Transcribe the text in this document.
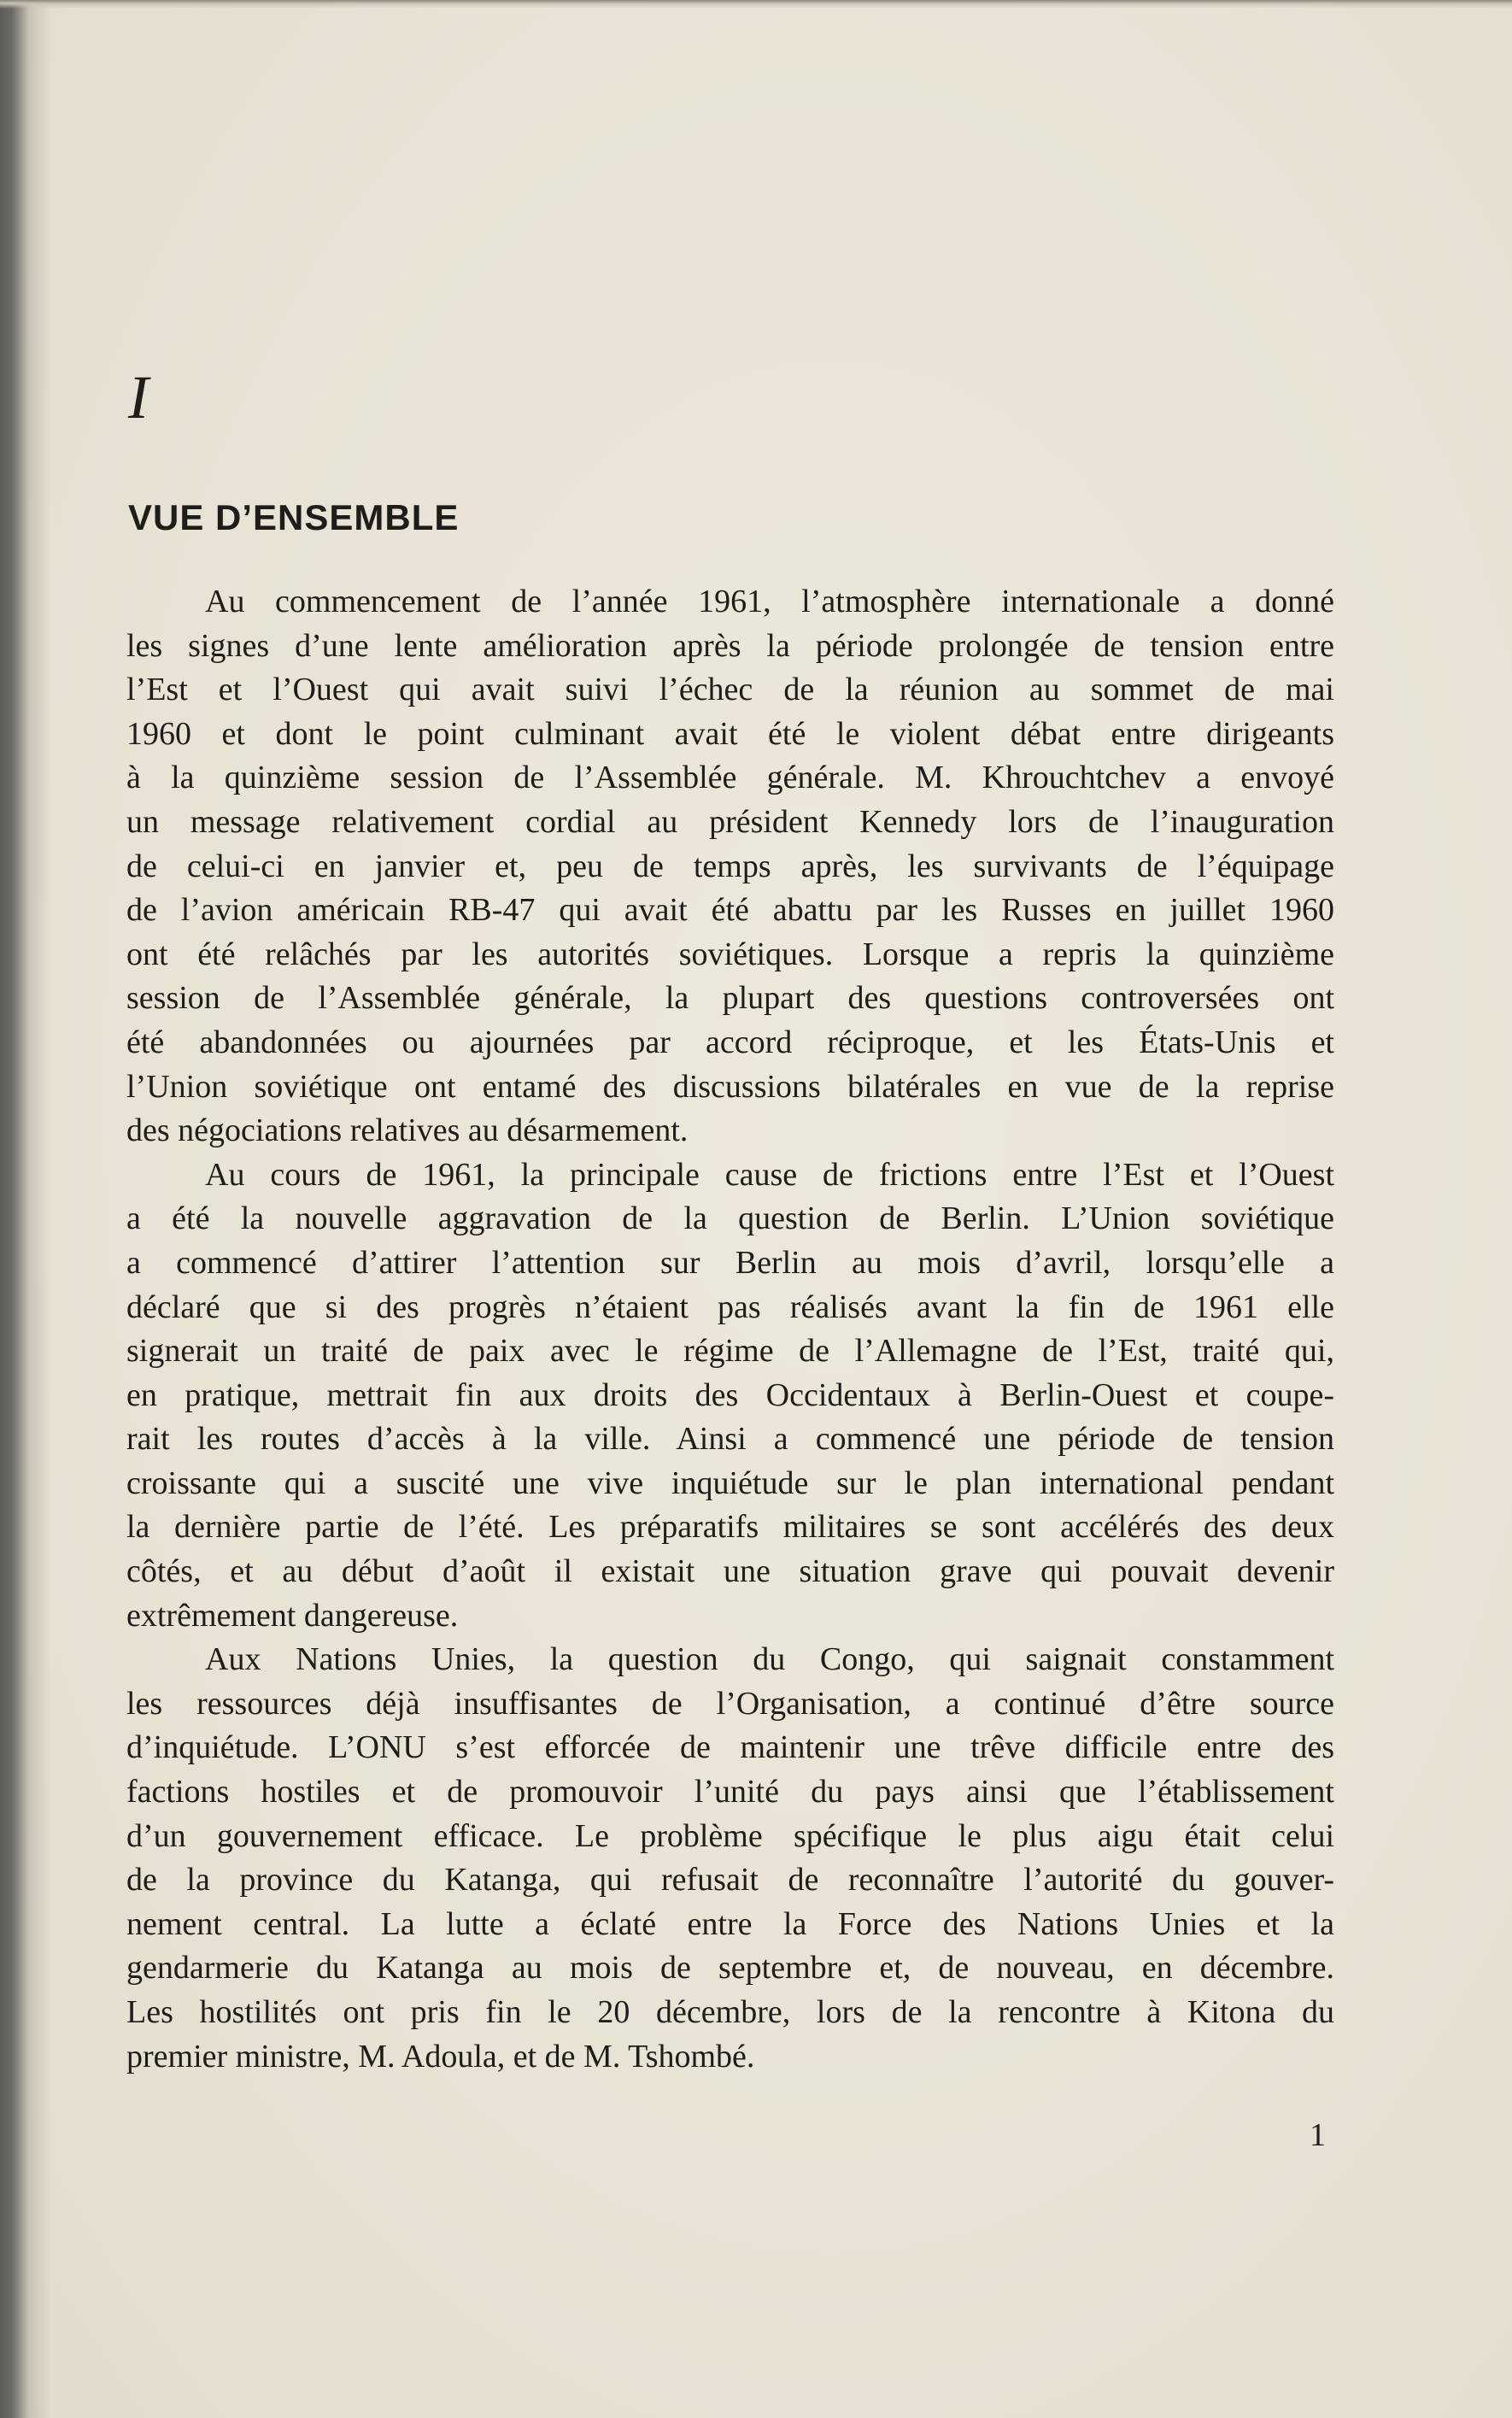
I
VUE D’ENSEMBLE
Au commencement de l’année 1961, l’atmosphère internationale a donné
les signes d’une lente amélioration après la période prolongée de tension entre
l’Est et l’Ouest qui avait suivi l’échec de la réunion au sommet de mai
1960 et dont le point culminant avait été le violent débat entre dirigeants
à la quinzième session de l’Assemblée générale. M. Khrouchtchev a envoyé
un message relativement cordial au président Kennedy lors de l’inauguration
de celui-ci en janvier et, peu de temps après, les survivants de l’équipage
de l’avion américain RB-47 qui avait été abattu par les Russes en juillet 1960
ont été relâchés par les autorités soviétiques. Lorsque a repris la quinzième
session de l’Assemblée générale, la plupart des questions controversées ont
été abandonnées ou ajournées par accord réciproque, et les États-Unis et
l’Union soviétique ont entamé des discussions bilatérales en vue de la reprise
des négociations relatives au désarmement.
Au cours de 1961, la principale cause de frictions entre l’Est et l’Ouest
a été la nouvelle aggravation de la question de Berlin. L’Union soviétique
a commencé d’attirer l’attention sur Berlin au mois d’avril, lorsqu’elle a
déclaré que si des progrès n’étaient pas réalisés avant la fin de 1961 elle
signerait un traité de paix avec le régime de l’Allemagne de l’Est, traité qui,
en pratique, mettrait fin aux droits des Occidentaux à Berlin-Ouest et coupe-
rait les routes d’accès à la ville. Ainsi a commencé une période de tension
croissante qui a suscité une vive inquiétude sur le plan international pendant
la dernière partie de l’été. Les préparatifs militaires se sont accélérés des deux
côtés, et au début d’août il existait une situation grave qui pouvait devenir
extrêmement dangereuse.
Aux Nations Unies, la question du Congo, qui saignait constamment
les ressources déjà insuffisantes de l’Organisation, a continué d’être source
d’inquiétude. L’ONU s’est efforcée de maintenir une trêve difficile entre des
factions hostiles et de promouvoir l’unité du pays ainsi que l’établissement
d’un gouvernement efficace. Le problème spécifique le plus aigu était celui
de la province du Katanga, qui refusait de reconnaître l’autorité du gouver-
nement central. La lutte a éclaté entre la Force des Nations Unies et la
gendarmerie du Katanga au mois de septembre et, de nouveau, en décembre.
Les hostilités ont pris fin le 20 décembre, lors de la rencontre à Kitona du
premier ministre, M. Adoula, et de M. Tshombé.
1
